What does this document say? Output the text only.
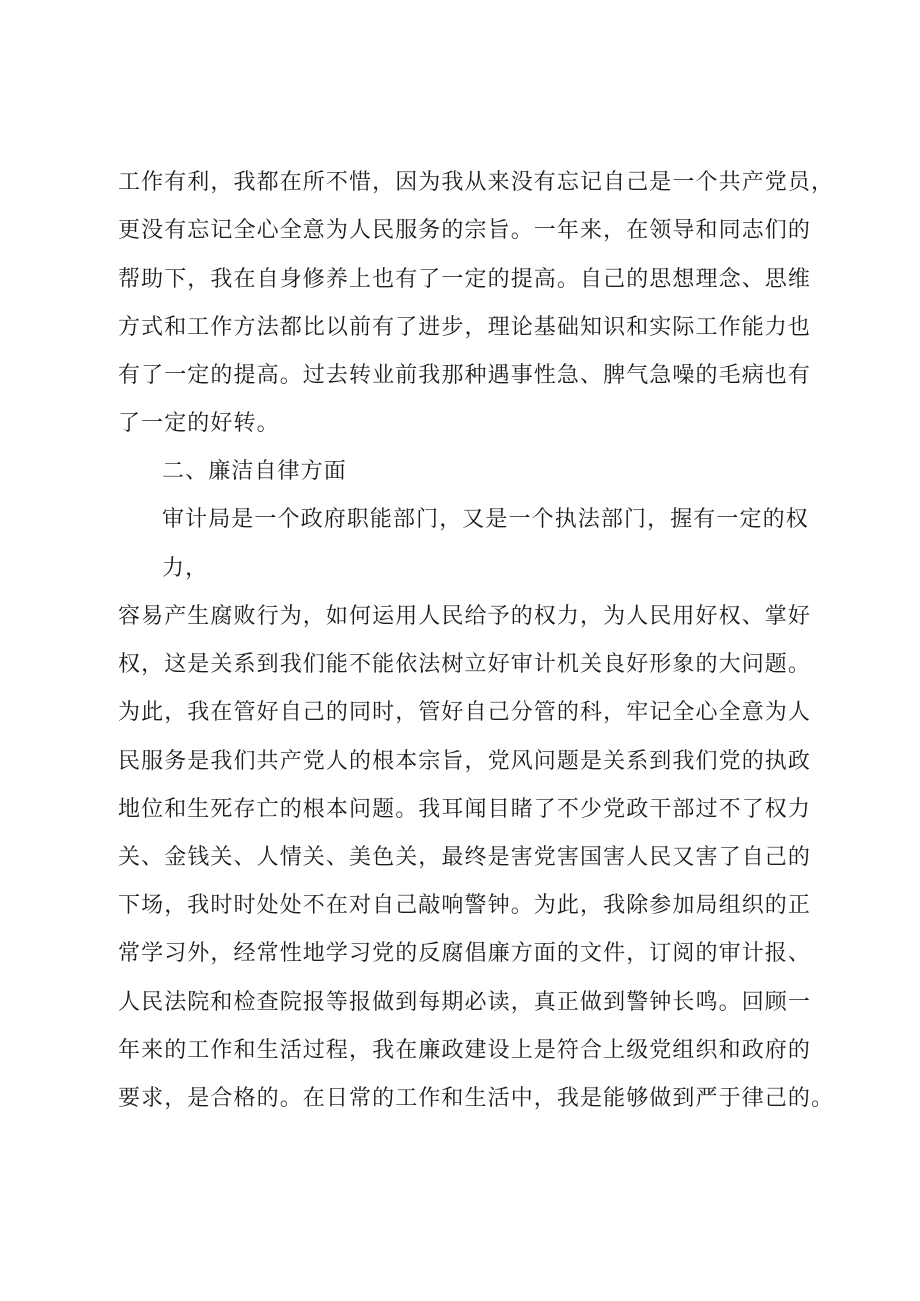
工作有利，我都在所不惜，因为我从来没有忘记自己是一个共产党员，
更没有忘记全心全意为人民服务的宗旨。一年来，在领导和同志们的
帮助下，我在自身修养上也有了一定的提高。自己的思想理念、思维
方式和工作方法都比以前有了进步，理论基础知识和实际工作能力也
有了一定的提高。过去转业前我那种遇事性急、脾气急噪的毛病也有
了一定的好转。
二、廉洁自律方面
审计局是一个政府职能部门，又是一个执法部门，握有一定的权
力，
容易产生腐败行为，如何运用人民给予的权力，为人民用好权、掌好
权，这是关系到我们能不能依法树立好审计机关良好形象的大问题。
为此，我在管好自己的同时，管好自己分管的科，牢记全心全意为人
民服务是我们共产党人的根本宗旨，党风问题是关系到我们党的执政
地位和生死存亡的根本问题。我耳闻目睹了不少党政干部过不了权力
关、金钱关、人情关、美色关，最终是害党害国害人民又害了自己的
下场，我时时处处不在对自己敲响警钟。为此，我除参加局组织的正
常学习外，经常性地学习党的反腐倡廉方面的文件，订阅的审计报、
人民法院和检查院报等报做到每期必读，真正做到警钟长鸣。回顾一
年来的工作和生活过程，我在廉政建设上是符合上级党组织和政府的
要求，是合格的。在日常的工作和生活中，我是能够做到严于律己的。
